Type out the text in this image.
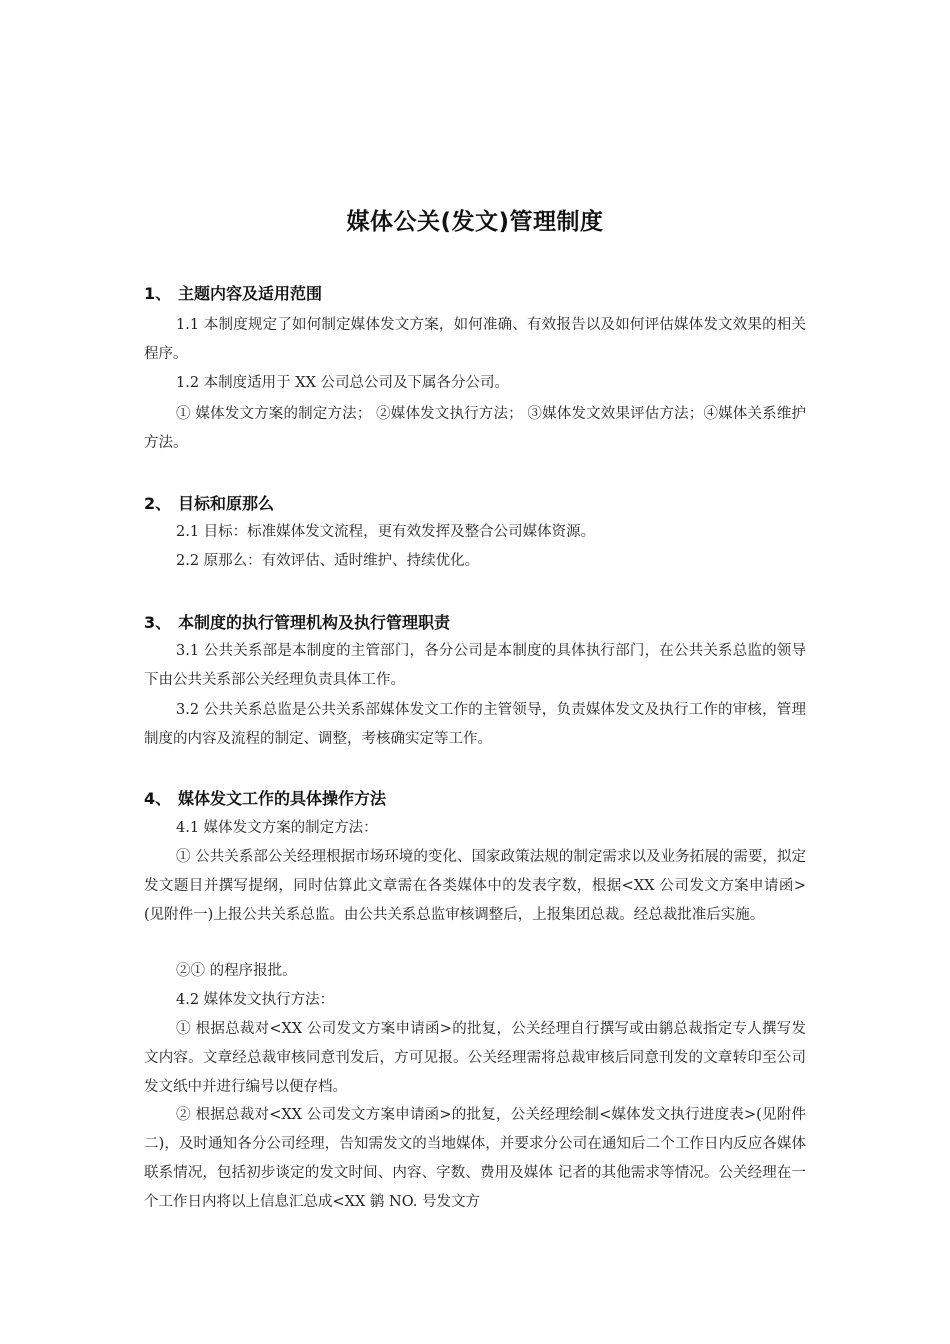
媒体公关(发文)管理制度
1、 主题内容及适用范围

1.1 本制度规定了如何制定媒体发文方案，如何准确、有效报告以及如何评估媒体发文效果的相关程序。

1.2 本制度适用于 XX 公司总公司及下属各分公司。

① 媒体发文方案的制定方法； ②媒体发文执行方法； ③媒体发文效果评估方法；④媒体关系维护方法。

2、 目标和原那么

2.1 目标：标准媒体发文流程，更有效发挥及整合公司媒体资源。

2.2 原那么：有效评估、适时维护、持续优化。

3、 本制度的执行管理机构及执行管理职责

3.1 公共关系部是本制度的主管部门，各分公司是本制度的具体执行部门，在公共关系总监的领导下由公共关系部公关经理负责具体工作。

3.2 公共关系总监是公共关系部媒体发文工作的主管领导，负责媒体发文及执行工作的审核，管理制度的内容及流程的制定、调整，考核确实定等工作。

4、 媒体发文工作的具体操作方法

4.1 媒体发文方案的制定方法：

① 公共关系部公关经理根据市场环境的变化、国家政策法规的制定需求以及业务拓展的需要，拟定发文题目并撰写提纲，同时估算此文章需在各类媒体中的发表字数，根据<XX 公司发文方案申请函>(见附件一)上报公共关系总监。由公共关系总监审核调整后，上报集团总裁。经总裁批准后实施。

②① 的程序报批。

4.2 媒体发文执行方法：

① 根据总裁对<XX 公司发文方案申请函>的批复，公关经理自行撰写或由鹟总裁指定专人撰写发文内容。文章经总裁审核同意刊发后，方可见报。公关经理需将总裁审核后同意刊发的文章转印至公司发文纸中并进行编号以便存档。

② 根据总裁对<XX 公司发文方案申请函>的批复，公关经理绘制<媒体发文执行进度表>(见附件二)，及时通知各分公司经理，告知需发文的当地媒体，并要求分公司在通知后二个工作日内反应各媒体联系情况，包括初步谈定的发文时间、内容、字数、费用及媒体 记者的其他需求等情况。公关经理在一个工作日内将以上信息汇总成<XX 鹟 NO. 号发文方
